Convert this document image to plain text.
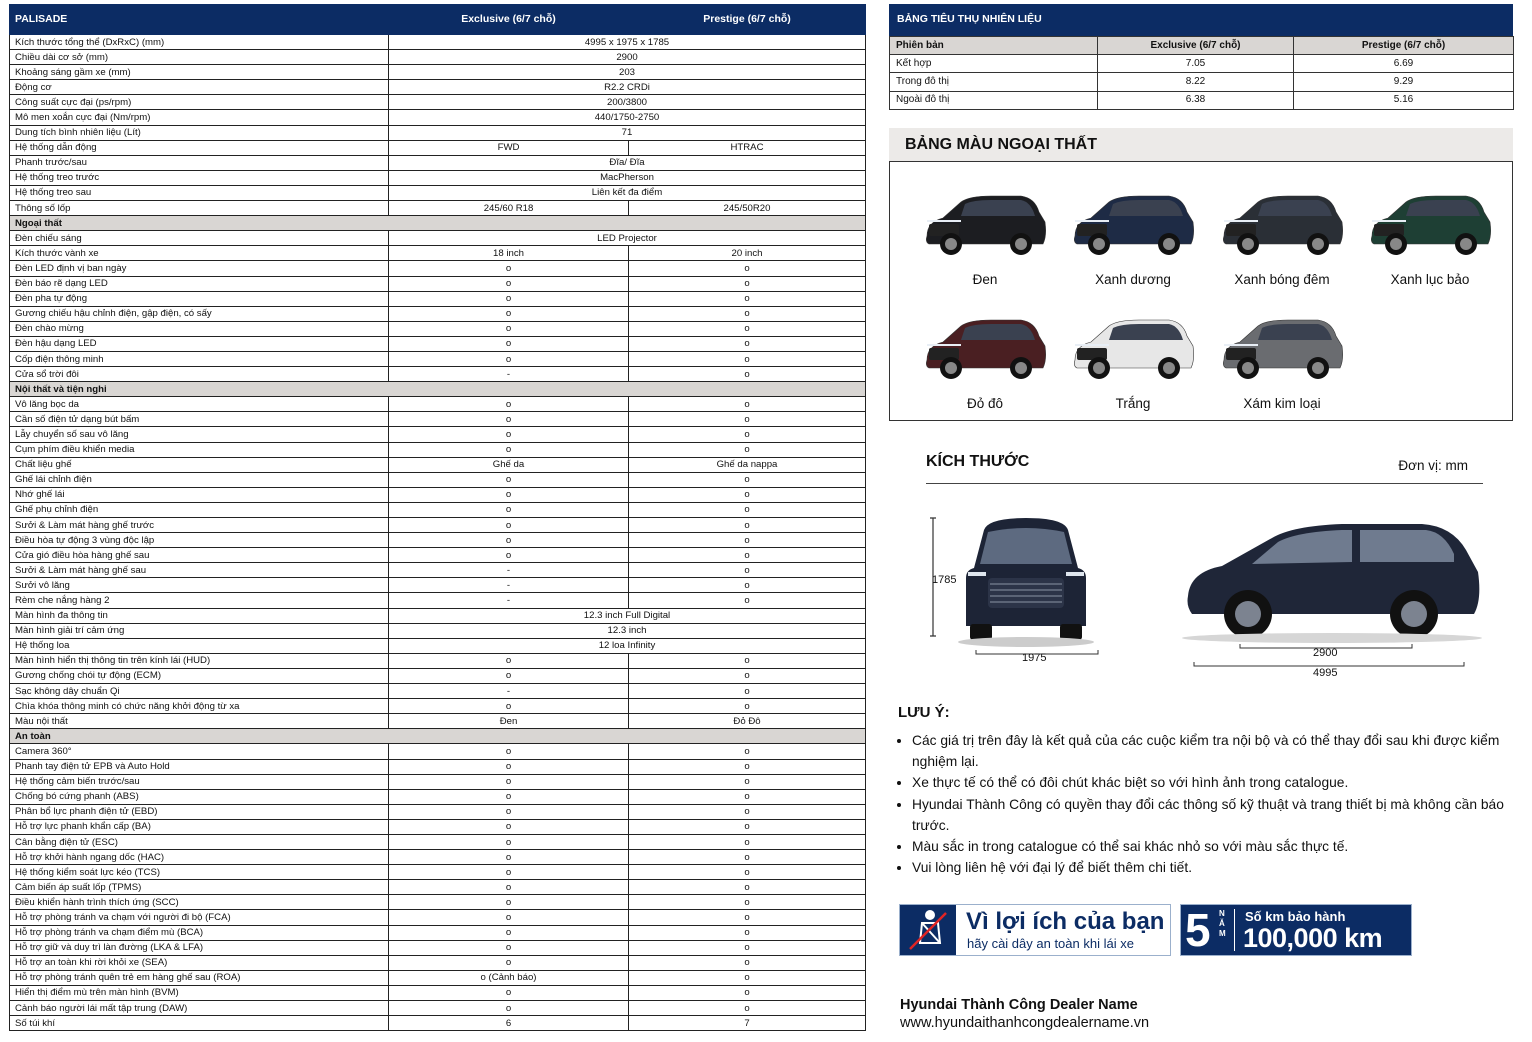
PALISADE	Exclusive (6/7 chỗ)	Prestige (6/7 chỗ)
Kích thước tổng thể (DxRxC) (mm)	4995 x 1975 x 1785	
Chiều dài cơ sở (mm)	2900	
Khoảng sáng gầm xe (mm)	203	
Động cơ	R2.2 CRDi	
Công suất cực đại (ps/rpm)	200/3800	
Mô men xoắn cực đại (Nm/rpm)	440/1750-2750	
Dung tích bình nhiên liệu (Lít)	71	
Hệ thống dẫn động	FWD	HTRAC
Phanh trước/sau	Đĩa/ Đĩa	
Hệ thống treo trước	MacPherson	
Hệ thống treo sau	Liên kết đa điểm	
Thông số lốp	245/60 R18	245/50R20
Ngoại thất		
Đèn chiếu sáng	LED Projector	
Kích thước vành xe	18 inch	20 inch
Đèn LED định vị ban ngày	o	o
Đèn báo rẽ dạng LED	o	o
Đèn pha tự động	o	o
Gương chiếu hậu chỉnh điện, gập điện, có sấy	o	o
Đèn chào mừng	o	o
Đèn hậu dạng LED	o	o
Cốp điện thông minh	o	o
Cửa sổ trời đôi	-	o
Nội thất và tiện nghi		
Vô lăng bọc da	o	o
Cần số điện tử dạng bút bấm	o	o
Lẫy chuyển số sau vô lăng	o	o
Cụm phím điều khiển media	o	o
Chất liệu ghế	Ghế da	Ghế da nappa
Ghế lái chỉnh điện	o	o
Nhớ ghế lái	o	o
Ghế phụ chỉnh điện	o	o
Sưởi & Làm mát hàng ghế trước	o	o
Điều hòa tự động 3 vùng độc lập	o	o
Cửa gió điều hòa hàng ghế sau	o	o
Sưởi & Làm mát hàng ghế sau	-	o
Sưởi vô lăng	-	o
Rèm che nắng hàng 2	-	o
Màn hình đa thông tin	12.3 inch Full Digital	
Màn hình giải trí cảm ứng	12.3 inch	
Hệ thống loa	12 loa Infinity	
Màn hình hiển thị thông tin trên kính lái (HUD)	o	o
Gương chống chói tự động (ECM)	o	o
Sạc không dây chuẩn Qi	-	o
Chìa khóa thông minh có chức năng khởi động từ xa	o	o
Màu nội thất	Đen	Đỏ Đô
An toàn		
Camera 360°	o	o
Phanh tay điện tử EPB và Auto Hold	o	o
Hệ thống cảm biến trước/sau	o	o
Chống bó cứng phanh (ABS)	o	o
Phân bổ lực phanh điện tử (EBD)	o	o
Hỗ trợ lực phanh khẩn cấp (BA)	o	o
Cân bằng điện tử (ESC)	o	o
Hỗ trợ khởi hành ngang dốc (HAC)	o	o
Hệ thống kiểm soát lực kéo (TCS)	o	o
Cảm biến áp suất lốp (TPMS)	o	o
Điều khiển hành trình thích ứng (SCC)	o	o
Hỗ trợ phòng tránh va chạm với người đi bộ (FCA)	o	o
Hỗ trợ phòng tránh va chạm điểm mù (BCA)	o	o
Hỗ trợ giữ và duy trì làn đường (LKA & LFA)	o	o
Hỗ trợ an toàn khi rời khỏi xe (SEA)	o	o
Hỗ trợ phòng tránh quên trẻ em hàng ghế sau (ROA)	o (Cảnh báo)	o
Hiển thị điểm mù trên màn hình (BVM)	o	o
Cảnh báo người lái mất tập trung (DAW)	o	o
Số túi khí	6	7
BẢNG TIÊU THỤ NHIÊN LIỆU
Phiên bản	Exclusive (6/7 chỗ)	Prestige (6/7 chỗ)
Kết hợp	7.05	6.69
Trong đô thị	8.22	9.29
Ngoài đô thị	6.38	5.16
BẢNG MÀU NGOẠI THẤT
Đen	Xanh dương	Xanh bóng đêm	Xanh lục bảo
Đỏ đô	Trắng	Xám kim loại
KÍCH THƯỚC	Đơn vị: mm
1785
1975	2900
4995
LƯU Ý:
• Các giá trị trên đây là kết quả của các cuộc kiểm tra nội bộ và có thể thay đổi sau khi được kiểm nghiệm lại.
• Xe thực tế có thể có đôi chút khác biệt so với hình ảnh trong catalogue.
• Hyundai Thành Công có quyền thay đổi các thông số kỹ thuật và trang thiết bị mà không cần báo trước.
• Màu sắc in trong catalogue có thể sai khác nhỏ so với màu sắc thực tế.
• Vui lòng liên hệ với đại lý để biết thêm chi tiết.
Vì lợi ích của bạn
hãy cài dây an toàn khi lái xe 5 NĂM
Số km bảo hành
100,000 km
Hyundai Thành Công Dealer Name
www.hyundaithanhcongdealername.vn
